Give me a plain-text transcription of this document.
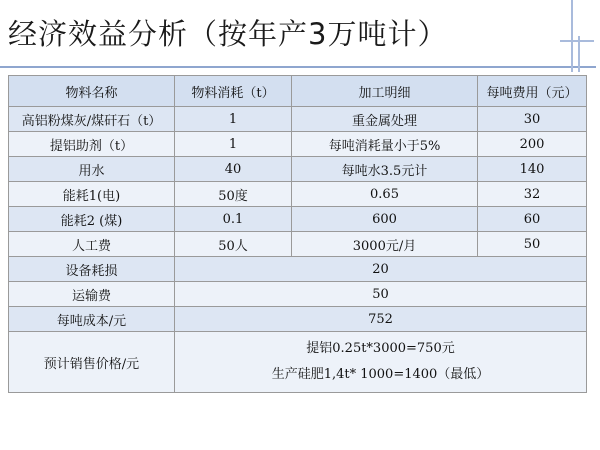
经济效益分析（按年产3万吨计）
物料名称	物料消耗（t）	加工明细	每吨费用（元）
高铝粉煤灰/煤矸石（t）	1	重金属处理	30
提铝助剂（t）	1	每吨消耗量小于5%	200
用水	40	每吨水3.5元计	140
能耗1(电)	50度	0.65	32
能耗2 (煤)	0.1	600	60
人工费	50人	3000元/月	50
设备耗损	20		
运输费	50		
每吨成本/元	752		
预计销售价格/元	提铝0.25t*3000=750元
生产硅肥1,4t* 1000=1400（最低）		
